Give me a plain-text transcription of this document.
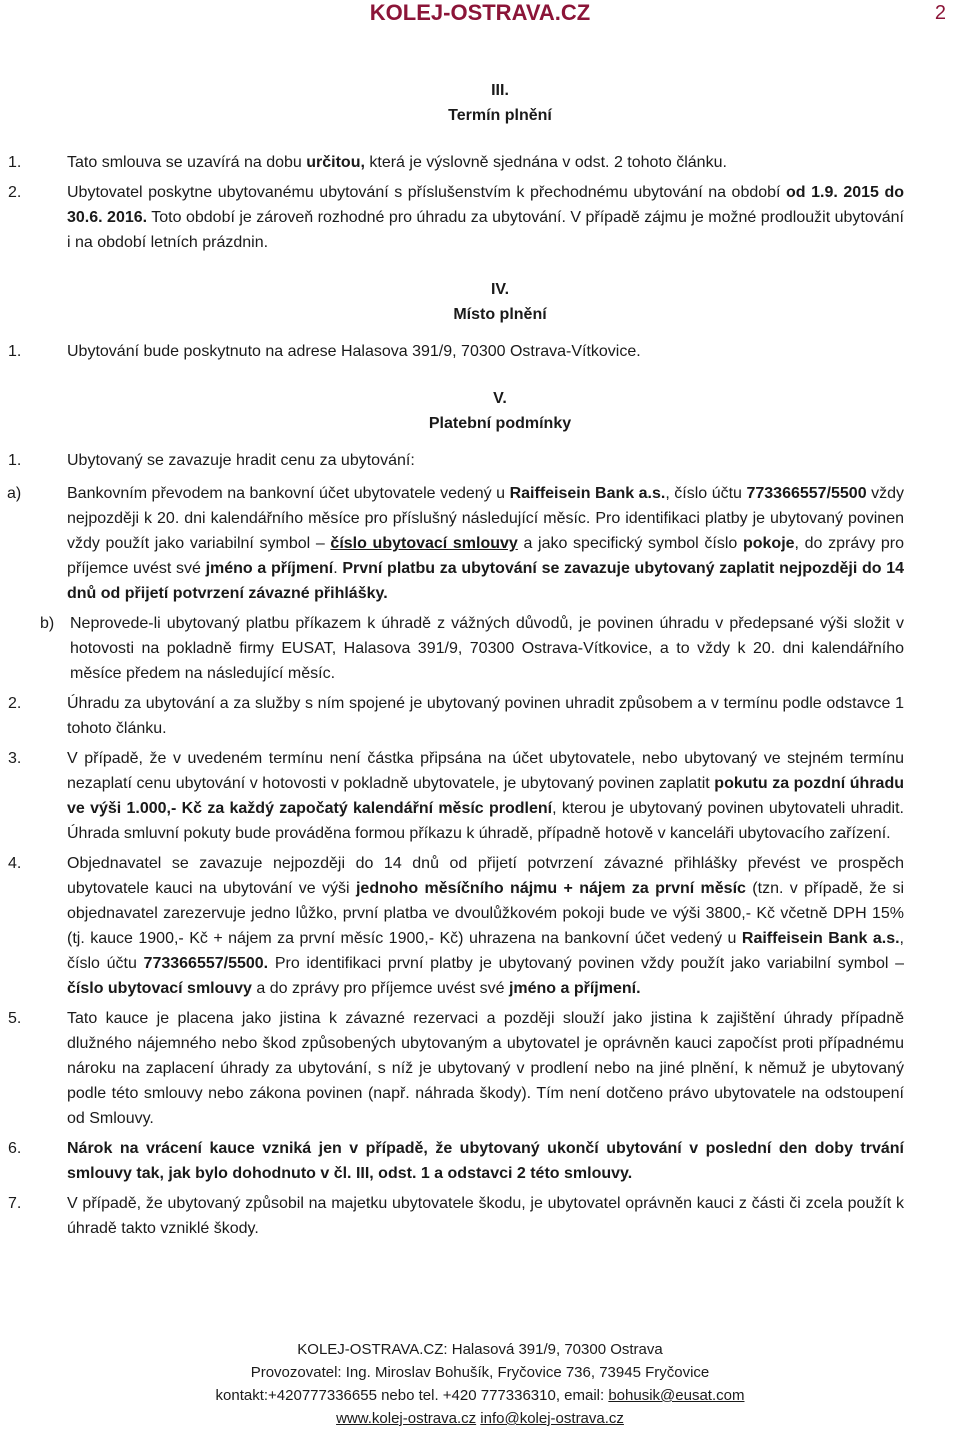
KOLEJ-OSTRAVA.CZ	2
III.
Termín plnění
1.	Tato smlouva se uzavírá na dobu určitou, která je výslovně sjednána v odst. 2 tohoto článku.
2.	Ubytovatel poskytne ubytovanému ubytování s příslušenstvím k přechodnému ubytování na období od 1.9. 2015 do 30.6. 2016. Toto období je zároveň rozhodné pro úhradu za ubytování. V případě zájmu je možné prodloužit ubytování i na období letních prázdnin.
IV.
Místo plnění
1.	Ubytování bude poskytnuto na adrese Halasova 391/9, 70300 Ostrava-Vítkovice.
V.
Platební podmínky
1.	Ubytovaný se zavazuje hradit cenu za ubytování:
a)	Bankovním převodem na bankovní účet ubytovatele vedený u Raiffeisein Bank a.s., číslo účtu 773366557/5500 vždy nejpozději k 20. dni kalendářního měsíce pro příslušný následující měsíc. Pro identifikaci platby je ubytovaný povinen vždy použít jako variabilní symbol – číslo ubytovací smlouvy a jako specifický symbol číslo pokoje, do zprávy pro příjemce uvést své jméno a příjmení. První platbu za ubytování se zavazuje ubytovaný zaplatit nejpozději do 14 dnů od přijetí potvrzení závazné přihlášky.
b) Neprovede-li ubytovaný platbu příkazem k úhradě z vážných důvodů, je povinen úhradu v předepsané výši složit v hotovosti na pokladně firmy EUSAT, Halasova 391/9, 70300 Ostrava-Vítkovice, a to vždy k 20. dni kalendářního měsíce předem na následující měsíc.
2.	Úhradu za ubytování a za služby s ním spojené je ubytovaný povinen uhradit způsobem a v termínu podle odstavce 1 tohoto článku.
3.	V případě, že v uvedeném termínu není částka připsána na účet ubytovatele, nebo ubytovaný ve stejném termínu nezaplatí cenu ubytování v hotovosti v pokladně ubytovatele, je ubytovaný povinen zaplatit pokutu za pozdní úhradu ve výši 1.000,- Kč za každý započatý kalendářní měsíc prodlení, kterou je ubytovaný povinen ubytovateli uhradit. Úhrada smluvní pokuty bude prováděna formou příkazu k úhradě, případně hotově v kanceláři ubytovacího zařízení.
4.	Objednavatel se zavazuje nejpozději do 14 dnů od přijetí potvrzení závazné přihlášky převést ve prospěch ubytovatele kauci na ubytování ve výši jednoho měsíčního nájmu + nájem za první měsíc (tzn. v případě, že si objednavatel zarezervuje jedno lůžko, první platba ve dvoulůžkovém pokoji bude ve výši 3800,- Kč včetně DPH 15% (tj. kauce 1900,- Kč + nájem za první měsíc 1900,- Kč) uhrazena na bankovní účet vedený u Raiffeisein Bank a.s., číslo účtu 773366557/5500. Pro identifikaci první platby je ubytovaný povinen vždy použít jako variabilní symbol – číslo ubytovací smlouvy a do zprávy pro příjemce uvést své jméno a příjmení.
5.	Tato kauce je placena jako jistina k závazné rezervaci a později slouží jako jistina k zajištění úhrady případně dlužného nájemného nebo škod způsobených ubytovaným a ubytovatel je oprávněn kauci započíst proti případnému nároku na zaplacení úhrady za ubytování, s níž je ubytovaný v prodlení nebo na jiné plnění, k němuž je ubytovaný podle této smlouvy nebo zákona povinen (např. náhrada škody). Tím není dotčeno právo ubytovatele na odstoupení od Smlouvy.
6.	Nárok na vrácení kauce vzniká jen v případě, že ubytovaný ukončí ubytování v poslední den doby trvání smlouvy tak, jak bylo dohodnuto v čl. III, odst. 1 a odstavci 2 této smlouvy.
7.	V případě, že ubytovaný způsobil na majetku ubytovatele škodu, je ubytovatel oprávněn kauci z části či zcela použít k úhradě takto vzniklé škody.
KOLEJ-OSTRAVA.CZ: Halasová 391/9, 70300 Ostrava
Provozovatel: Ing. Miroslav Bohušík, Fryčovice 736, 73945 Fryčovice
kontakt:+420777336655 nebo tel. +420 777336310, email: bohusik@eusat.com
www.kolej-ostrava.cz info@kolej-ostrava.cz
